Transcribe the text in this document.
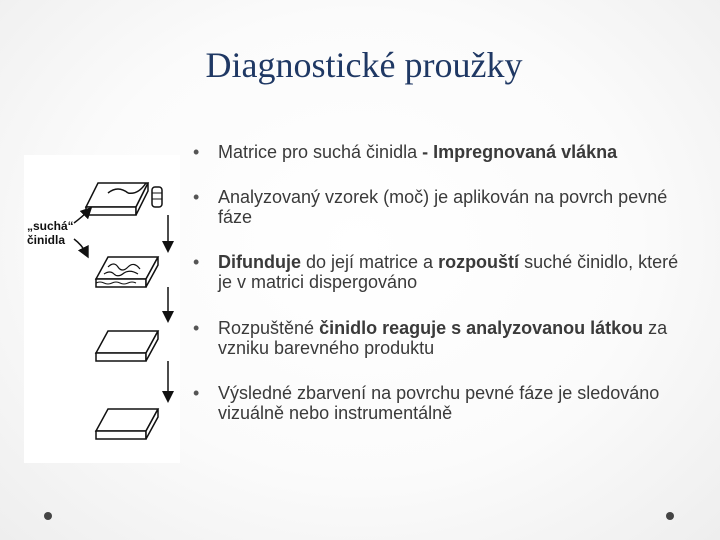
Diagnostické proužky
„suchá“
činidla
• Matrice pro suchá činidla - Impregnovaná vlákna
• Analyzovaný vzorek (moč) je aplikován na povrch pevné fáze
• Difunduje do její matrice a rozpouští suché činidlo, které je v matrici dispergováno
• Rozpuštěné činidlo reaguje s analyzovanou látkou za vzniku barevného produktu
• Výsledné zbarvení na povrchu pevné fáze je sledováno vizuálně nebo instrumentálně
